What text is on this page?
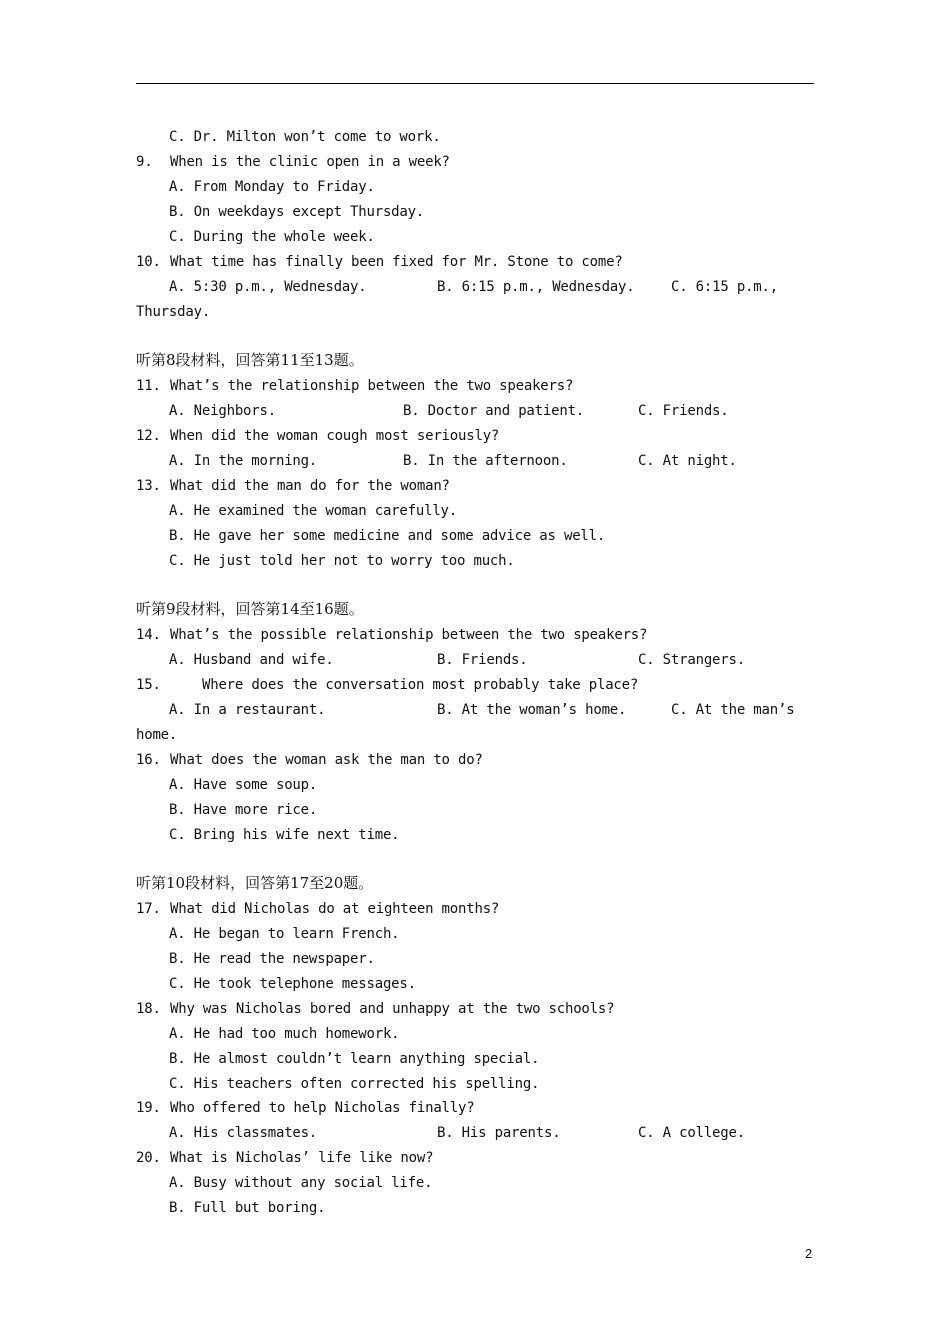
C. Dr. Milton won’t come to work.
9. When is the clinic open in a week?
A. From Monday to Friday.
B. On weekdays except Thursday.
C. During the whole week.
10. What time has finally been fixed for Mr. Stone to come?

A. 5:30 p.m., Wednesday.

	B. 6:15 p.m., Wednesday.

	C. 6:15 p.m.,

Thursday.
听第8段材料，回答第11至13题。
11. What’s the relationship between the two speakers?

A. Neighbors.

	B. Doctor and patient.

	C. Friends.

12. When did the woman cough most seriously?

A. In the morning.

	B. In the afternoon.

	C. At night.

13. What did the man do for the woman?
A. He examined the woman carefully.
B. He gave her some medicine and some advice as well.
C. He just told her not to worry too much.
听第9段材料，回答第14至16题。
14. What’s the possible relationship between the two speakers?

A. Husband and wife.

	B. Friends.

	C. Strangers.

15.	Where does the conversation most probably take place?

A. In a restaurant.

	B. At the woman’s home.

	C. At the man’s

home.
16. What does the woman ask the man to do?
A. Have some soup.
B. Have more rice.
C. Bring his wife next time.
听第10段材料，回答第17至20题。
17. What did Nicholas do at eighteen months?
A. He began to learn French.
B. He read the newspaper.
C. He took telephone messages.
18. Why was Nicholas bored and unhappy at the two schools?
A. He had too much homework.
B. He almost couldn’t learn anything special.
C. His teachers often corrected his spelling.
19. Who offered to help Nicholas finally?

A. His classmates.

	B. His parents.

	C. A college.

20. What is Nicholas’ life like now?
A. Busy without any social life.
B. Full but boring.
2
